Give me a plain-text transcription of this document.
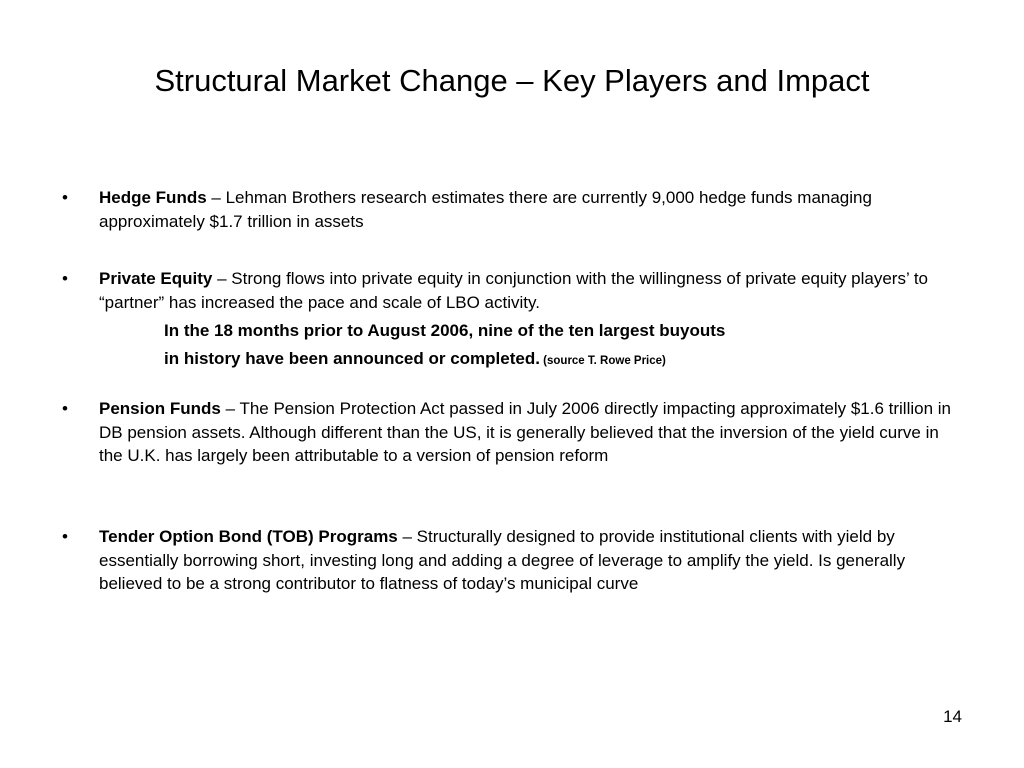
Structural Market Change – Key Players and Impact
•	Hedge Funds – Lehman Brothers research estimates there are currently 9,000 hedge funds managing approximately $1.7 trillion in assets
•	Private Equity – Strong flows into private equity in conjunction with the willingness of private equity players’ to “partner” has increased the pace and scale of LBO activity.
In the 18 months prior to August 2006, nine of the ten largest buyouts
in history have been announced or completed. (source T. Rowe Price)
•	Pension Funds – The Pension Protection Act passed in July 2006 directly impacting approximately $1.6 trillion in DB pension assets. Although different than the US, it is generally believed that the inversion of the yield curve in the U.K. has largely been attributable to a version of pension reform
•	Tender Option Bond (TOB) Programs – Structurally designed to provide institutional clients with yield by essentially borrowing short, investing long and adding a degree of leverage to amplify the yield. Is generally believed to be a strong contributor to flatness of today’s municipal curve
14
